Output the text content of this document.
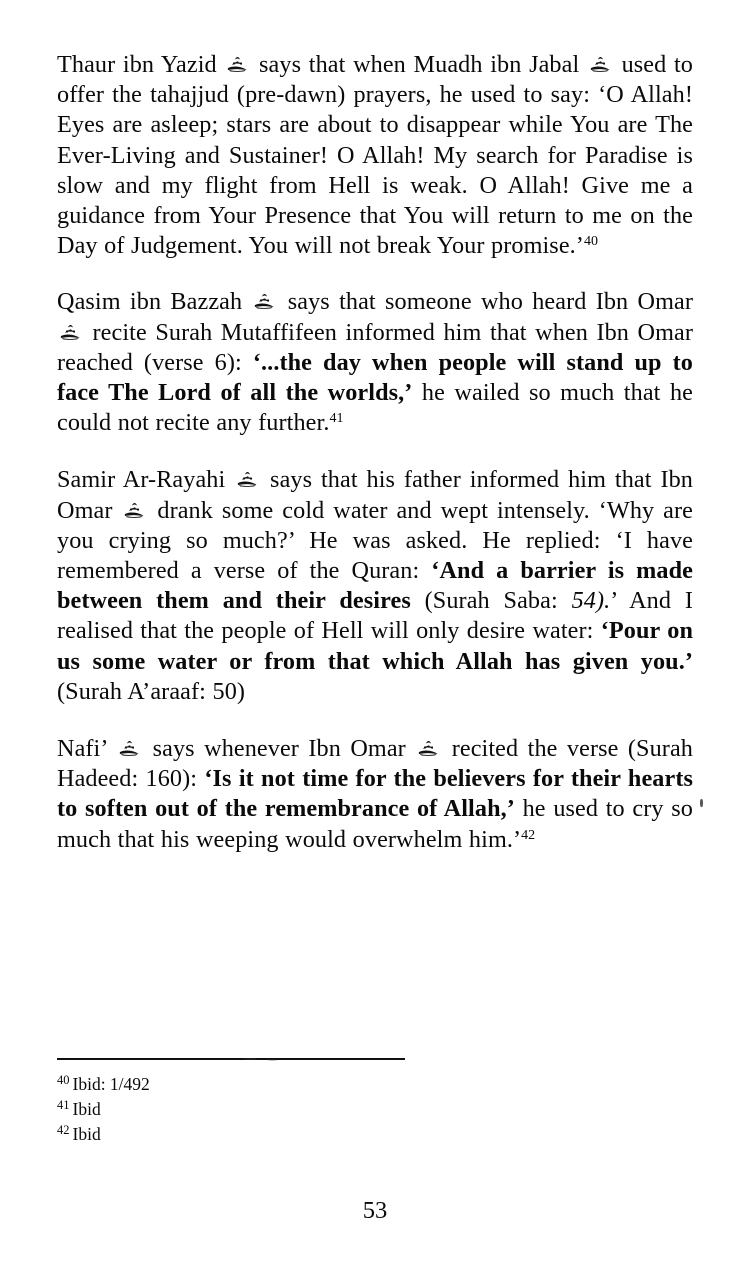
Thaur ibn Yazid
says that when Muadh ibn Jabal
used to offer the tahajjud (pre-dawn) prayers, he used to say: ‘O Allah! Eyes are asleep; stars are about to disappear while You are The Ever-Living and Sustainer! O Allah! My search for Paradise is slow and my flight from Hell is weak. O Allah! Give me a guidance from Your Presence that You will return to me on the Day of Judgement. You will not break Your promise.’$^{40}$

Qasim ibn Bazzah
says that someone who heard Ibn Omar
recite Surah Mutaffifeen informed him that when Ibn Omar reached (verse 6): ‘...the day when people will stand up to face The Lord of all the worlds,’ he wailed so much that he could not recite any further.$^{41}$

Samir Ar-Rayahi
says that his father informed him that Ibn Omar
drank some cold water and wept intensely. ‘Why are you crying so much?’ He was asked. He replied: ‘I have remembered a verse of the Quran: ‘And a barrier is made between them and their desires (Surah Saba: 54).’ And I realised that the people of Hell will only desire water: ‘Pour on us some water or from that which Allah has given you.’ (Surah A’araaf: 50)

Nafi’
says whenever Ibn Omar
recited the verse (Surah Hadeed: 160): ‘Is it not time for the believers for their hearts to soften out of the remembrance of Allah,’ he used to cry so much that his weeping would overwhelm him.’$^{42}$

$^{40}$ Ibid: 1/492
$^{41}$ Ibid
$^{42}$ Ibid
53
